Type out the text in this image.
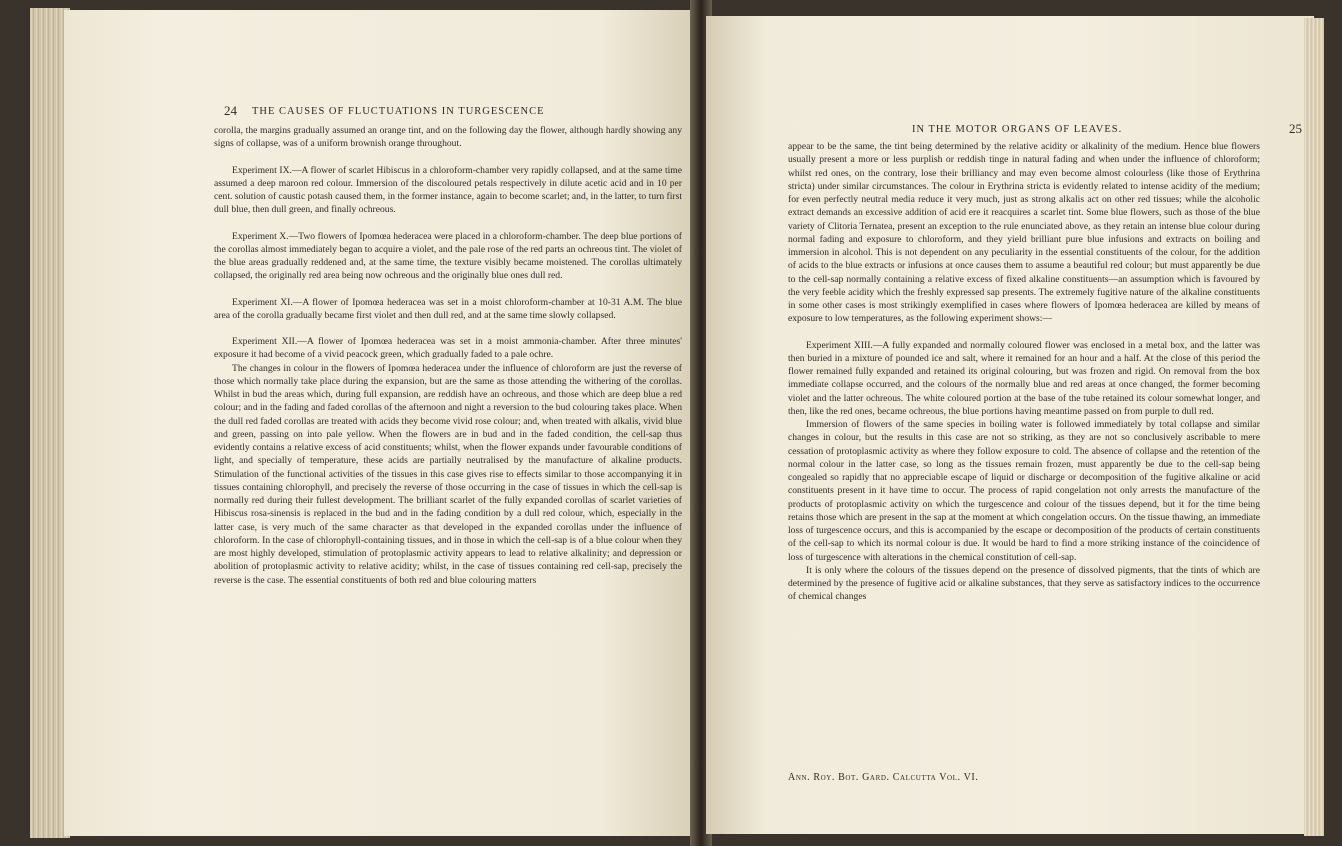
24 THE CAUSES OF FLUCTUATIONS IN TURGESCENCE

corolla, the margins gradually assumed an orange tint, and on the following day the flower, although hardly showing any signs of collapse, was of a uniform brownish orange throughout.

Experiment IX.—A flower of scarlet Hibiscus in a chloroform-chamber very rapidly collapsed, and at the same time assumed a deep maroon red colour. Immersion of the discoloured petals respectively in dilute acetic acid and in 10 per cent. solution of caustic potash caused them, in the former instance, again to become scarlet; and, in the latter, to turn first dull blue, then dull green, and finally ochreous.

Experiment X.—Two flowers of Ipomœa hederacea were placed in a chloroform-chamber. The deep blue portions of the corollas almost immediately began to acquire a violet, and the pale rose of the red parts an ochreous tint. The violet of the blue areas gradually reddened and, at the same time, the texture visibly became moistened. The corollas ultimately collapsed, the originally red area being now ochreous and the originally blue ones dull red.

Experiment XI.—A flower of Ipomœa hederacea was set in a moist chloroform-chamber at 10-31 A.M. The blue area of the corolla gradually became first violet and then dull red, and at the same time slowly collapsed.

Experiment XII.—A flower of Ipomœa hederacea was set in a moist ammonia-chamber. After three minutes' exposure it had become of a vivid peacock green, which gradually faded to a pale ochre.

The changes in colour in the flowers of Ipomœa hederacea under the influence of chloroform are just the reverse of those which normally take place during the expansion, but are the same as those attending the withering of the corollas. Whilst in bud the areas which, during full expansion, are reddish have an ochreous, and those which are deep blue a red colour; and in the fading and faded corollas of the afternoon and night a reversion to the bud colouring takes place. When the dull red faded corollas are treated with acids they become vivid rose colour; and, when treated with alkalis, vivid blue and green, passing on into pale yellow. When the flowers are in bud and in the faded condition, the cell-sap thus evidently contains a relative excess of acid constituents; whilst, when the flower expands under favourable conditions of light, and specially of temperature, these acids are partially neutralised by the manufacture of alkaline products. Stimulation of the functional activities of the tissues in this case gives rise to effects similar to those accompanying it in tissues containing chlorophyll, and precisely the reverse of those occurring in the case of tissues in which the cell-sap is normally red during their fullest development. The brilliant scarlet of the fully expanded corollas of scarlet varieties of Hibiscus rosa-sinensis is replaced in the bud and in the fading condition by a dull red colour, which, especially in the latter case, is very much of the same character as that developed in the expanded corollas under the influence of chloroform. In the case of chlorophyll-containing tissues, and in those in which the cell-sap is of a blue colour when they are most highly developed, stimulation of protoplasmic activity appears to lead to relative alkalinity; and depression or abolition of protoplasmic activity to relative acidity; whilst, in the case of tissues containing red cell-sap, precisely the reverse is the case. The essential constituents of both red and blue colouring matters

IN THE MOTOR ORGANS OF LEAVES.	25

appear to be the same, the tint being determined by the relative acidity or alkalinity of the medium. Hence blue flowers usually present a more or less purplish or reddish tinge in natural fading and when under the influence of chloroform; whilst red ones, on the contrary, lose their brilliancy and may even become almost colourless (like those of Erythrina stricta) under similar circumstances. The colour in Erythrina stricta is evidently related to intense acidity of the medium; for even perfectly neutral media reduce it very much, just as strong alkalis act on other red tissues; while the alcoholic extract demands an excessive addition of acid ere it reacquires a scarlet tint. Some blue flowers, such as those of the blue variety of Clitoria Ternatea, present an exception to the rule enunciated above, as they retain an intense blue colour during normal fading and exposure to chloroform, and they yield brilliant pure blue infusions and extracts on boiling and immersion in alcohol. This is not dependent on any peculiarity in the essential constituents of the colour, for the addition of acids to the blue extracts or infusions at once causes them to assume a beautiful red colour; but must apparently be due to the cell-sap normally containing a relative excess of fixed alkaline constituents—an assumption which is favoured by the very feeble acidity which the freshly expressed sap presents. The extremely fugitive nature of the alkaline constituents in some other cases is most strikingly exemplified in cases where flowers of Ipomœa hederacea are killed by means of exposure to low temperatures, as the following experiment shows:—

Experiment XIII.—A fully expanded and normally coloured flower was enclosed in a metal box, and the latter was then buried in a mixture of pounded ice and salt, where it remained for an hour and a half. At the close of this period the flower remained fully expanded and retained its original colouring, but was frozen and rigid. On removal from the box immediate collapse occurred, and the colours of the normally blue and red areas at once changed, the former becoming violet and the latter ochreous. The white coloured portion at the base of the tube retained its colour somewhat longer, and then, like the red ones, became ochreous, the blue portions having meantime passed on from purple to dull red.

Immersion of flowers of the same species in boiling water is followed immediately by total collapse and similar changes in colour, but the results in this case are not so striking, as they are not so conclusively ascribable to mere cessation of protoplasmic activity as where they follow exposure to cold. The absence of collapse and the retention of the normal colour in the latter case, so long as the tissues remain frozen, must apparently be due to the cell-sap being congealed so rapidly that no appreciable escape of liquid or discharge or decomposition of the fugitive alkaline or acid constituents present in it have time to occur. The process of rapid congelation not only arrests the manufacture of the products of protoplasmic activity on which the turgescence and colour of the tissues depend, but it for the time being retains those which are present in the sap at the moment at which congelation occurs. On the tissue thawing, an immediate loss of turgescence occurs, and this is accompanied by the escape or decomposition of the products of certain constituents of the cell-sap to which its normal colour is due. It would be hard to find a more striking instance of the coincidence of loss of turgescence with alterations in the chemical constitution of cell-sap.

It is only where the colours of the tissues depend on the presence of dissolved pigments, that the tints of which are determined by the presence of fugitive acid or alkaline substances, that they serve as satisfactory indices to the occurrence of chemical changes

Ann. Roy. Bot. Gard. Calcutta Vol. VI.
